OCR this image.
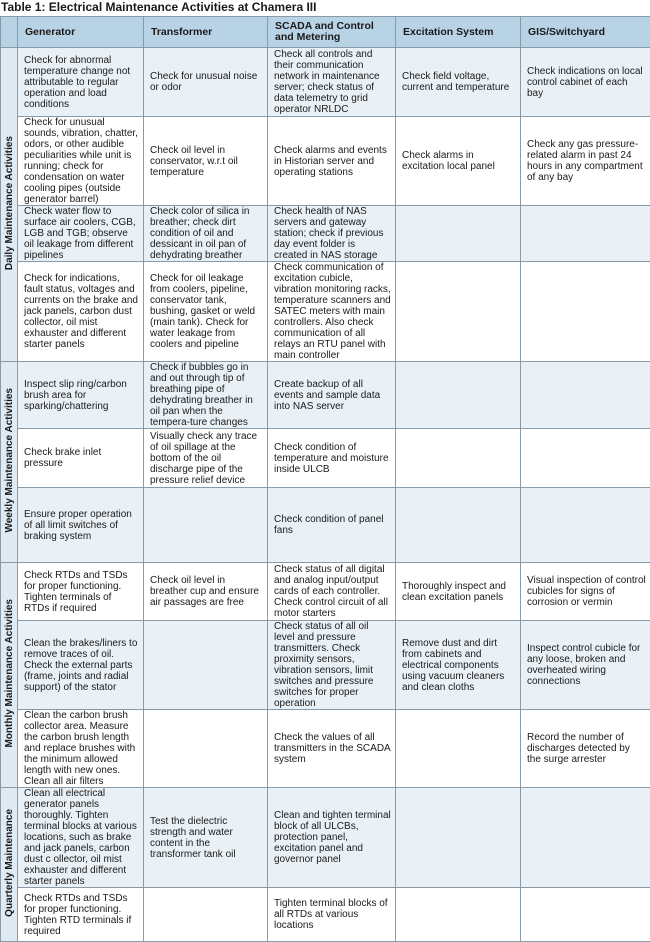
Table 1: Electrical Maintenance Activities at Chamera III
	Generator	Transformer	SCADA and Control and Metering	Excitation System	GIS/Switchyard
Daily Maintenance Activities	Check for abnormal temperature change not attributable to regular operation and load conditions	Check for unusual noise or odor	Check all controls and their communication network in maintenance server; check status of data telemetry to grid operator NRLDC	Check field voltage, current and temperature	Check indications on local control cabinet of each bay
	Check for unusual sounds, vibration, chatter, odors, or other audible peculiarities while unit is running; check for condensation on water cooling pipes (outside generator barrel)	Check oil level in conservator, w.r.t oil temperature	Check alarms and events in Historian server and operating stations	Check alarms in excitation local panel	Check any gas pressure-related alarm in past 24 hours in any compartment of any bay
	Check water flow to surface air coolers, CGB, LGB and TGB; observe oil leakage from different pipelines	Check color of silica in breather; check dirt condition of oil and dessicant in oil pan of dehydrating breather	Check health of NAS servers and gateway station; check if previous day event folder is created in NAS storage		
	Check for indications, fault status, voltages and currents on the brake and jack panels, carbon dust collector, oil mist exhauster and different starter panels	Check for oil leakage from coolers, pipeline, conservator tank, bushing, gasket or weld (main tank). Check for water leakage from coolers and pipeline	Check communication of excitation cubicle, vibration monitoring racks, temperature scanners and SATEC meters with main controllers. Also check communication of all relays an RTU panel with main controller		
Weekly Maintenance Activities	Inspect slip ring/carbon brush area for sparking/chattering	Check if bubbles go in and out through tip of breathing pipe of dehydrating breather in oil pan when the tempera-ture changes	Create backup of all events and sample data into NAS server		
	Check brake inlet pressure	Visually check any trace of oil spillage at the bottom of the oil discharge pipe of the pressure relief device	Check condition of temperature and moisture inside ULCB		
	Ensure proper operation of all limit switches of braking system		Check condition of panel fans		
Monthly Maintenance Activities	Check RTDs and TSDs for proper functioning. Tighten terminals of RTDs if required	Check oil level in breather cup and ensure air passages are free	Check status of all digital and analog input/output cards of each controller. Check control circuit of all motor starters	Thoroughly inspect and clean excitation panels	Visual inspection of control cubicles for signs of corrosion or vermin
	Clean the brakes/liners to remove traces of oil. Check the external parts (frame, joints and radial support) of the stator		Check status of all oil level and pressure transmitters. Check proximity sensors, vibration sensors, limit switches and pressure switches for proper operation	Remove dust and dirt from cabinets and electrical components using vacuum cleaners and clean cloths	Inspect control cubicle for any loose, broken and overheated wiring connections
	Clean the carbon brush collector area. Measure the carbon brush length and replace brushes with the minimum allowed length with new ones. Clean all air filters		Check the values of all transmitters in the SCADA system		Record the number of discharges detected by the surge arrester
Quarterly Maintenance	Clean all electrical generator panels thoroughly. Tighten terminal blocks at various locations, such as brake and jack panels, carbon dust c ollector, oil mist exhauster and different starter panels	Test the dielectric strength and water content in the transformer tank oil	Clean and tighten terminal block of all ULCBs, protection panel, excitation panel and governor panel		
	Check RTDs and TSDs for proper functioning. Tighten RTD terminals if required		Tighten terminal blocks of all RTDs at various locations		
